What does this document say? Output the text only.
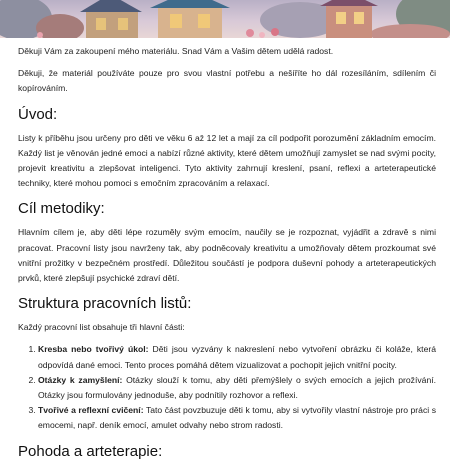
Děkuji Vám za zakoupení mého materiálu. Snad Vám a Vašim dětem udělá radost.

Děkuji, že materiál používáte pouze pro svou vlastní potřebu a nešíříte ho dál rozesíláním, sdílením či kopírováním.

Úvod:

Listy k příběhu jsou určeny pro děti ve věku 6 až 12 let a mají za cíl podpořit porozumění základním emocím. Každý list je věnován jedné emoci a nabízí různé aktivity, které dětem umožňují zamyslet se nad svými pocity, projevit kreativitu a zlepšovat inteligenci. Tyto aktivity zahrnují kreslení, psaní, reflexi a arteterapeutické techniky, které mohou pomoci s emočním zpracováním a relaxací.

Cíl metodiky:

Hlavním cílem je, aby děti lépe rozuměly svým emocím, naučily se je rozpoznat, vyjádřit a zdravě s nimi pracovat. Pracovní listy jsou navrženy tak, aby podněcovaly kreativitu a umožňovaly dětem prozkoumat své vnitřní prožitky v bezpečném prostředí. Důležitou součástí je podpora duševní pohody a arteterapeutických prvků, které zlepšují psychické zdraví dětí.

Struktura pracovních listů:

Každý pracovní list obsahuje tři hlavní části:

1. Kresba nebo tvořivý úkol: Děti jsou vyzvány k nakreslení nebo vytvoření obrázku či koláže, která odpovídá dané emoci. Tento proces pomáhá dětem vizualizovat a pochopit jejich vnitřní pocity.
2. Otázky k zamyšlení: Otázky slouží k tomu, aby děti přemýšlely o svých emocích a jejich prožívání. Otázky jsou formulovány jednoduše, aby podnítily rozhovor a reflexi.
3. Tvořivé a reflexní cvičení: Tato část povzbuzuje děti k tomu, aby si vytvořily vlastní nástroje pro práci s emocemi, např. deník emocí, amulet odvahy nebo strom radosti.
Pohoda a arteterapie:
